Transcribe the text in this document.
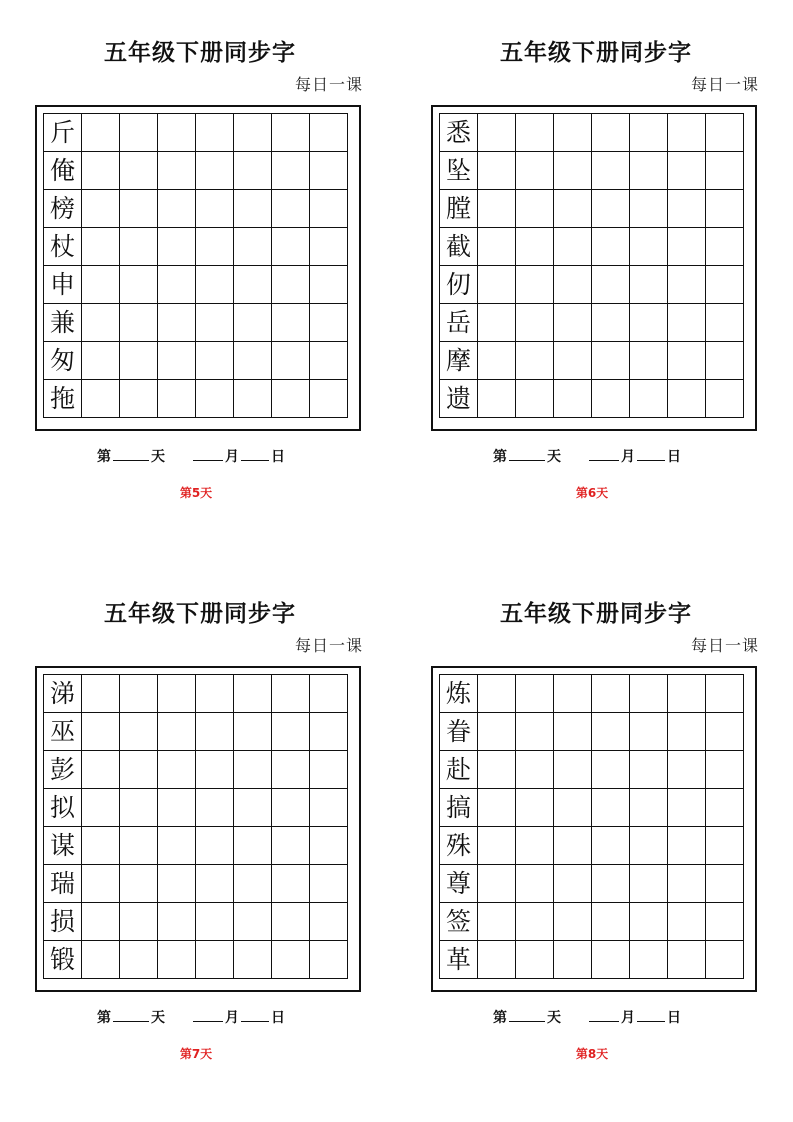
五年级下册同步字
每日一课
斤
俺
榜
杖
申
兼
匆
拖
第	天	月 日
第5天
五年级下册同步字
每日一课
悉
坠
膛
截
仞
岳
摩
遗
第	天	月 日
第6天
五年级下册同步字
每日一课
涕
巫
彭
拟
谋
瑞
损
锻
第	天	月 日
第7天
五年级下册同步字
每日一课
炼
眷
赴
搞
殊
尊
签
革
第	天	月 日
第8天
